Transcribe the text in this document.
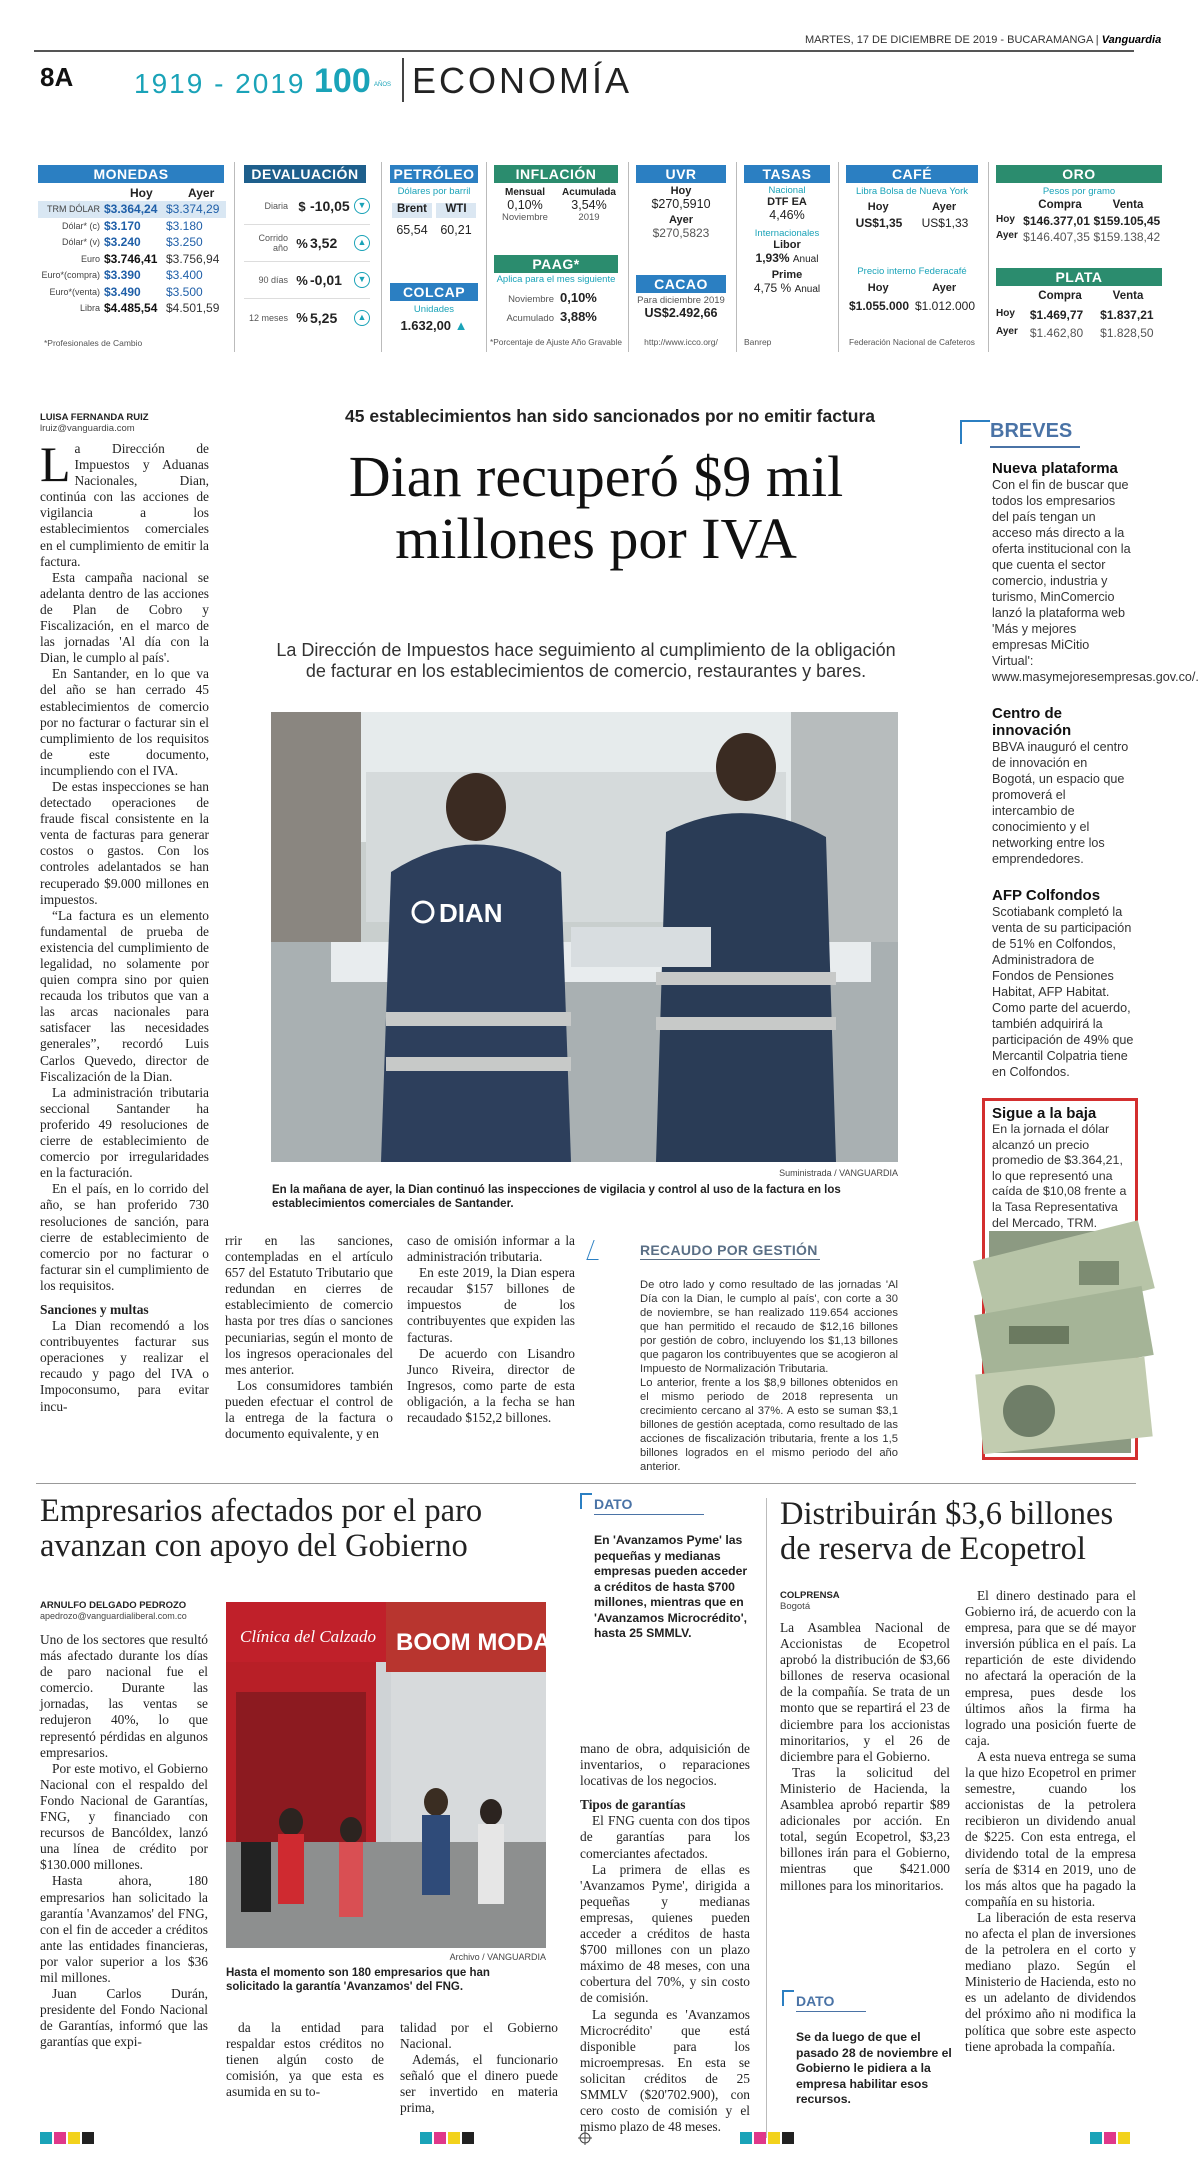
MARTES, 17 DE DICIEMBRE DE 2019 - BUCARAMANGA | Vanguardia
8A 1919 - 2019 100 AÑOS ECONOMÍA
MONEDAS
Hoy	Ayer
TRM DÓLAR	$3.364,24	$3.374,29
Dólar* (c)	$3.170	$3.180
Dólar* (v)	$3.240	$3.250
Euro	$3.746,41	$3.756,94
Euro*(compra)	$3.390	$3.400
Euro*(venta)	$3.490	$3.500
Libra	$4.485,54	$4.501,59
*Profesionales de Cambio
DEVALUACIÓN
Diaria $ -10,05 ▼
Corrido año % 3,52	▲
90 días % -0,01	▼
12 meses % 5,25	▲
PETRÓLEO
Dólares por barril
Brent	WTI
65,54	60,21
COLCAP
Unidades
1.632,00 ▲
INFLACIÓN
Mensual
0,10%
Noviembre
Acumulada
3,54%
2019
PAAG*
Aplica para el mes siguiente
Noviembre 0,10%
Acumulado 3,88%
*Porcentaje de Ajuste Año Gravable
UVR
Hoy
$270,5910
Ayer
$270,5823
CACAO
Para diciembre 2019
US$2.492,66
http://www.icco.org/
TASAS
Nacional
DTF EA
4,46%
Internacionales
Libor
1,93% Anual
Prime
4,75 % Anual
Banrep
CAFÉ
Libra Bolsa de Nueva York
Hoy	Ayer
US$1,35 US$1,33
Precio interno Federacafé
Hoy	Ayer
$1.055.000 $1.012.000
Federación Nacional de Cafeteros
ORO
Pesos por gramo
Compra	Venta
Hoy $146.377,01 $159.105,45
Ayer $146.407,35 $159.138,42
PLATA
Compra	Venta
Hoy	$1.469,77	$1.837,21
Ayer $1.462,80	$1.828,50
LUISA FERNANDA RUIZ
lruiz@vanguardia.com
45 establecimientos han sido sancionados por no emitir factura
Dian recuperó $9 mil millones por IVA
La Dirección de Impuestos hace seguimiento al cumplimiento de la obligación de facturar en los establecimientos de comercio, restaurantes y bares.
DIAN
Suministrada / VANGUARDIA
En la mañana de ayer, la Dian continuó las inspecciones de vigilacia y control al uso de la factura en los establecimientos comerciales de Santander.
L a Dirección de Impuestos y Aduanas Nacionales, Dian, continúa con las acciones de vigilancia a los establecimientos comerciales en el cumplimiento de emitir la factura.

Esta campaña nacional se adelanta dentro de las acciones de Plan de Cobro y Fiscalización, en el marco de las jornadas 'Al día con la Dian, le cumplo al país'.

En Santander, en lo que va del año se han cerrado 45 establecimientos de comercio por no facturar o facturar sin el cumplimiento de los requisitos de este documento, incumpliendo con el IVA.

De estas inspecciones se han detectado operaciones de fraude fiscal consistente en la venta de facturas para generar costos o gastos. Con los controles adelantados se han recuperado $9.000 millones en impuestos.

“La factura es un elemento fundamental de prueba de existencia del cumplimiento de legalidad, no solamente por quien compra sino por quien recauda los tributos que van a las arcas nacionales para satisfacer las necesidades generales”, recordó Luis Carlos Quevedo, director de Fiscalización de la Dian.

La administración tributaria seccional Santander ha proferido 49 resoluciones de cierre de establecimiento de comercio por irregularidades en la facturación.

En el país, en lo corrido del año, se han proferido 730 resoluciones de sanción, para cierre de establecimiento de comercio por no facturar o facturar sin el cumplimiento de los requisitos.

Sanciones y multas

La Dian recomendó a los contribuyentes facturar sus operaciones y realizar el recaudo y pago del IVA o Impoconsumo, para evitar incu-

rrir en las sanciones, contempladas en el artículo 657 del Estatuto Tributario que redundan en cierres de establecimiento de comercio hasta por tres días o sanciones pecuniarias, según el monto de los ingresos operacionales del mes anterior.

Los consumidores también pueden efectuar el control de la entrega de la factura o documento equivalente, y en

caso de omisión informar a la administración tributaria.

En este 2019, la Dian espera recaudar $157 billones de impuestos de los contribuyentes que expiden las facturas.

De acuerdo con Lisandro Junco Riveira, director de Ingresos, como parte de esta obligación, a la fecha se han recaudado $152,2 billones.

RECAUDO POR GESTIÓN

De otro lado y como resultado de las jornadas 'Al Día con la Dian, le cumplo al país', con corte a 30 de noviembre, se han realizado 119.654 acciones que han permitido el recaudo de $12,16 billones por gestión de cobro, incluyendo los $1,13 billones que pagaron los contribuyentes que se acogieron al Impuesto de Normalización Tributaria.

Lo anterior, frente a los $8,9 billones obtenidos en el mismo periodo de 2018 representa un crecimiento cercano al 37%. A esto se suman $3,1 billones de gestión aceptada, como resultado de las acciones de fiscalización tributaria, frente a los 1,5 billones logrados en el mismo periodo del año anterior.

BREVES
Nueva plataforma
Con el fin de buscar que todos los empresarios del país tengan un acceso más directo a la oferta institucional con la que cuenta el sector comercio, industria y turismo, MinComercio lanzó la plataforma web 'Más y mejores empresas MiCitio Virtual': www.masymejoresempresas.gov.co/.
Centro de innovación
BBVA inauguró el centro de innovación en Bogotá, un espacio que promoverá el intercambio de conocimiento y el networking entre los emprendedores.
AFP Colfondos
Scotiabank completó la venta de su participación de 51% en Colfondos, Administradora de Fondos de Pensiones Habitat, AFP Habitat. Como parte del acuerdo, también adquirirá la participación de 49% que Mercantil Colpatria tiene en Colfondos.
Sigue a la baja
En la jornada el dólar alcanzó un precio promedio de $3.364,21, lo que representó una caída de $10,08 frente a la Tasa Representativa del Mercado, TRM.
Empresarios afectados por el paro avanzan con apoyo del Gobierno
ARNULFO DELGADO PEDROZO
apedrozo@vanguardialiberal.com.co

Uno de los sectores que resultó más afectado durante los días de paro nacional fue el comercio. Durante las jornadas, las ventas se redujeron 40%, lo que representó pérdidas en algunos empresarios.

Por este motivo, el Gobierno Nacional con el respaldo del Fondo Nacional de Garantías, FNG, y financiado con recursos de Bancóldex, lanzó una línea de crédito por $130.000 millones.

Hasta ahora, 180 empresarios han solicitado la garantía 'Avanzamos' del FNG, con el fin de acceder a créditos ante las entidades financieras, por valor superior a los $36 mil millones.

Juan Carlos Durán, presidente del Fondo Nacional de Garantías, informó que las garantías que expi-

Clínica del Calzado BOOM MODA
Archivo / VANGUARDIA
Hasta el momento son 180 empresarios que han solicitado la garantía 'Avanzamos' del FNG.

da la entidad para respaldar estos créditos no tienen algún costo de comisión, ya que esta es asumida en su to-

talidad por el Gobierno Nacional.

Además, el funcionario señaló que el dinero puede ser invertido en materia prima,

DATO
En 'Avanzamos Pyme' las pequeñas y medianas empresas pueden acceder a créditos de hasta $700 millones, mientras que en 'Avanzamos Microcrédito', hasta 25 SMMLV.

mano de obra, adquisición de inventarios, o reparaciones locativas de los negocios.

Tipos de garantías

El FNG cuenta con dos tipos de garantías para los comerciantes afectados.

La primera de ellas es 'Avanzamos Pyme', dirigida a pequeñas y medianas empresas, quienes pueden acceder a créditos de hasta $700 millones con un plazo máximo de 48 meses, con una cobertura del 70%, y sin costo de comisión.

La segunda es 'Avanzamos Microcrédito' que está disponible para los microempresas. En esta se solicitan créditos de 25 SMMLV ($20'702.900), con cero costo de comisión y el mismo plazo de 48 meses.

Distribuirán $3,6 billones de reserva de Ecopetrol
COLPRENSA
Bogotá

La Asamblea Nacional de Accionistas de Ecopetrol aprobó la distribución de $3,66 billones de reserva ocasional de la compañía. Se trata de un monto que se repartirá el 23 de diciembre para los accionistas minoritarios, y el 26 de diciembre para el Gobierno.

Tras la solicitud del Ministerio de Hacienda, la Asamblea aprobó repartir $89 adicionales por acción. En total, según Ecopetrol, $3,23 billones irán para el Gobierno, mientras que $421.000 millones para los minoritarios.

DATO
Se da luego de que el pasado 28 de noviembre el Gobierno le pidiera a la empresa habilitar esos recursos.

El dinero destinado para el Gobierno irá, de acuerdo con la empresa, para que se dé mayor inversión pública en el país. La repartición de este dividendo no afectará la operación de la empresa, pues desde los últimos años la firma ha logrado una posición fuerte de caja.

A esta nueva entrega se suma la que hizo Ecopetrol en primer semestre, cuando los accionistas de la petrolera recibieron un dividendo anual de $225. Con esta entrega, el dividendo total de la empresa sería de $314 en 2019, uno de los más altos que ha pagado la compañía en su historia.

La liberación de esta reserva no afecta el plan de inversiones de la petrolera en el corto y mediano plazo. Según el Ministerio de Hacienda, esto no es un adelanto de dividendos del próximo año ni modifica la política que sobre este aspecto tiene aprobada la compañía.
